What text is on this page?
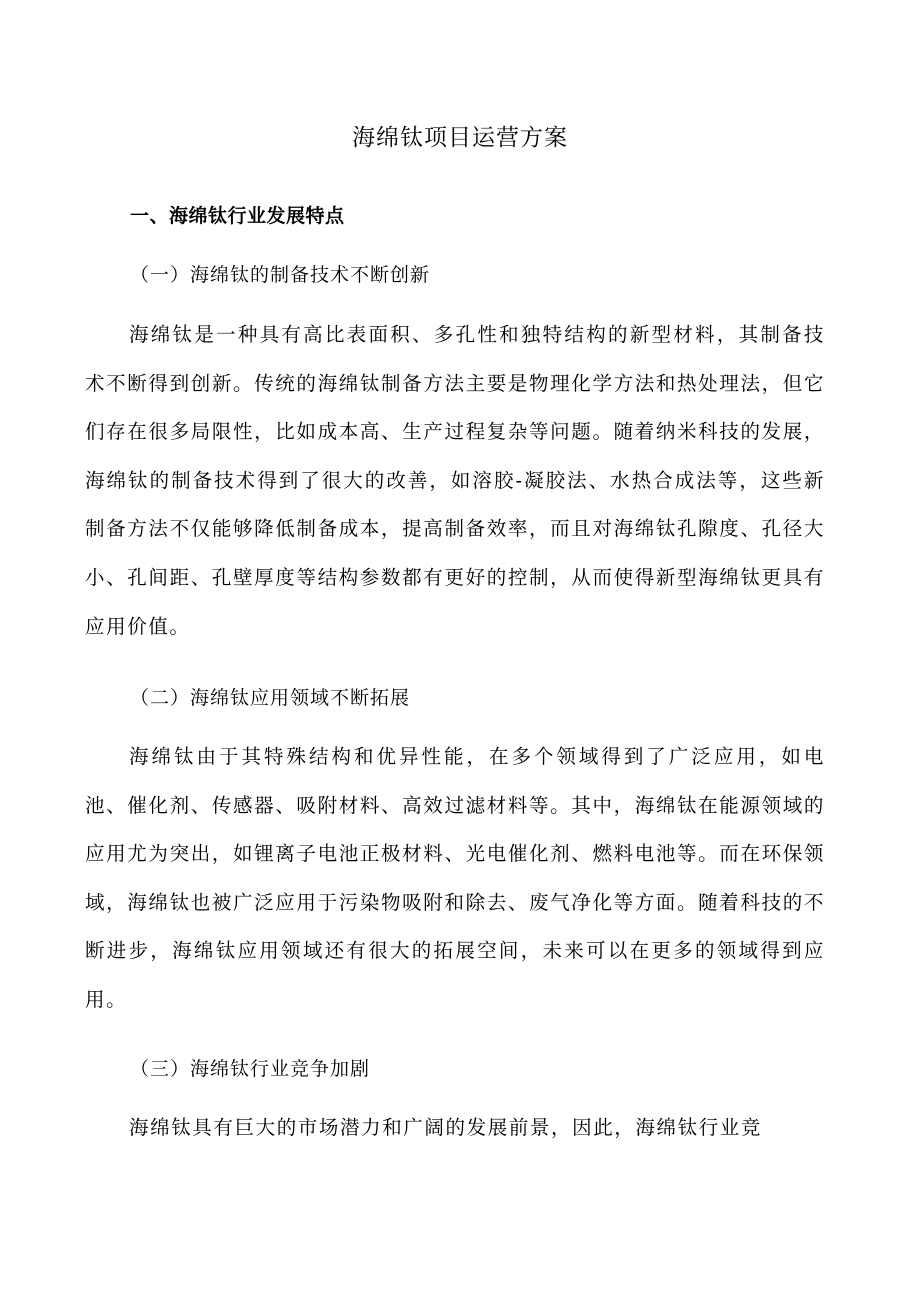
海绵钛项目运营方案
一、海绵钛行业发展特点
（一）海绵钛的制备技术不断创新
海绵钛是一种具有高比表面积、多孔性和独特结构的新型材料，其制备技术不断得到创新。传统的海绵钛制备方法主要是物理化学方法和热处理法，但它们存在很多局限性，比如成本高、生产过程复杂等问题。随着纳米科技的发展，海绵钛的制备技术得到了很大的改善，如溶胶-凝胶法、水热合成法等，这些新制备方法不仅能够降低制备成本，提高制备效率，而且对海绵钛孔隙度、孔径大小、孔间距、孔壁厚度等结构参数都有更好的控制，从而使得新型海绵钛更具有应用价值。
（二）海绵钛应用领域不断拓展
海绵钛由于其特殊结构和优异性能，在多个领域得到了广泛应用，如电池、催化剂、传感器、吸附材料、高效过滤材料等。其中，海绵钛在能源领域的应用尤为突出，如锂离子电池正极材料、光电催化剂、燃料电池等。而在环保领域，海绵钛也被广泛应用于污染物吸附和除去、废气净化等方面。随着科技的不断进步，海绵钛应用领域还有很大的拓展空间，未来可以在更多的领域得到应用。
（三）海绵钛行业竞争加剧
海绵钛具有巨大的市场潜力和广阔的发展前景，因此，海绵钛行业竞
